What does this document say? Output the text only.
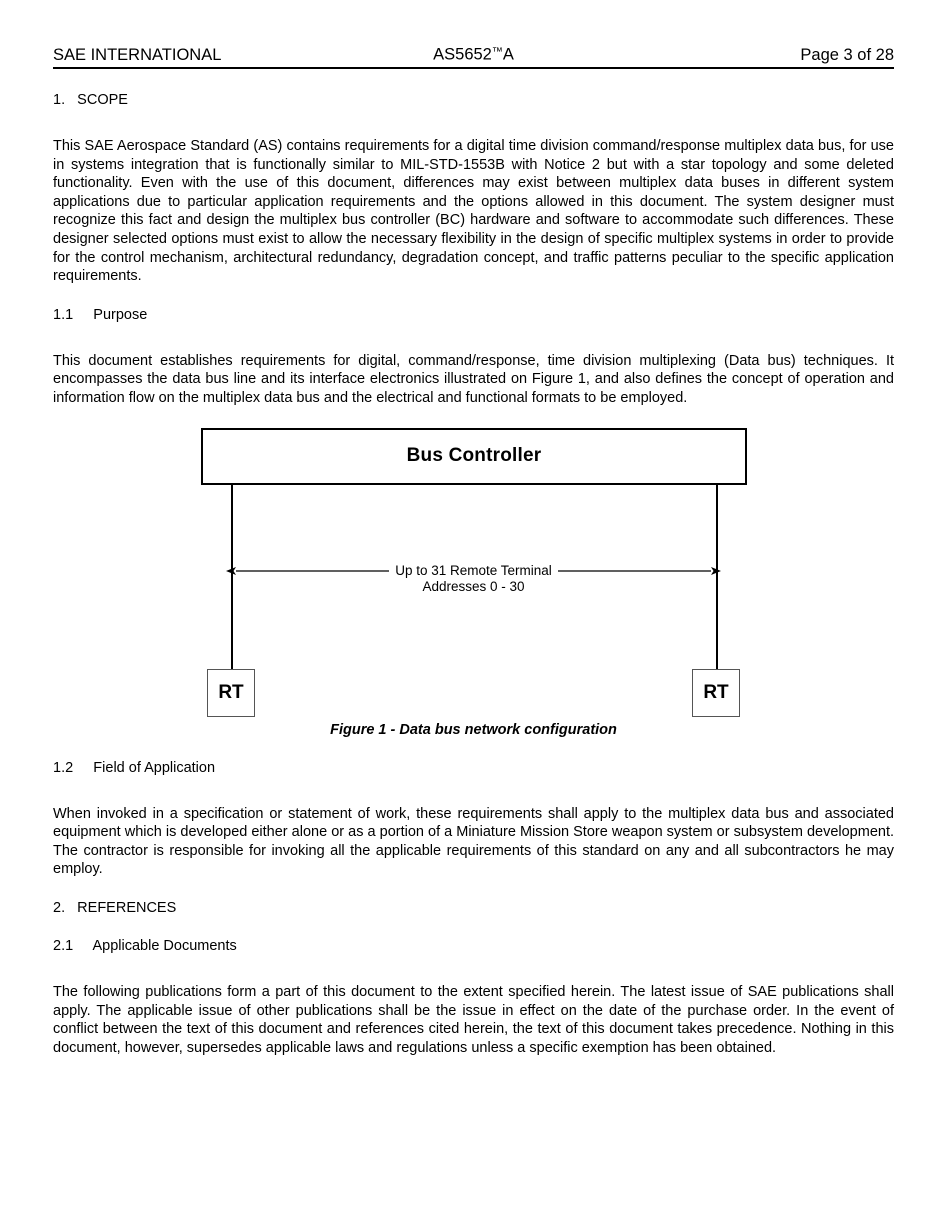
SAE INTERNATIONAL	AS5652™A	Page 3 of 28
1.   SCOPE

This SAE Aerospace Standard (AS) contains requirements for a digital time division command/response multiplex data bus, for use in systems integration that is functionally similar to MIL-STD-1553B with Notice 2 but with a star topology and some deleted functionality. Even with the use of this document, differences may exist between multiplex data buses in different system applications due to particular application requirements and the options allowed in this document. The system designer must recognize this fact and design the multiplex bus controller (BC) hardware and software to accommodate such differences. These designer selected options must exist to allow the necessary flexibility in the design of specific multiplex systems in order to provide for the control mechanism, architectural redundancy, degradation concept, and traffic patterns peculiar to the specific application requirements.

1.1     Purpose

This document establishes requirements for digital, command/response, time division multiplexing (Data bus) techniques. It encompasses the data bus line and its interface electronics illustrated on Figure 1, and also defines the concept of operation and information flow on the multiplex data bus and the electrical and functional formats to be employed.

Bus Controller
Up to 31 Remote Terminal
Addresses 0 - 30
RT	RT
Figure 1 - Data bus network configuration
1.2     Field of Application

When invoked in a specification or statement of work, these requirements shall apply to the multiplex data bus and associated equipment which is developed either alone or as a portion of a Miniature Mission Store weapon system or subsystem development. The contractor is responsible for invoking all the applicable requirements of this standard on any and all subcontractors he may employ.

2.   REFERENCES
2.1     Applicable Documents

The following publications form a part of this document to the extent specified herein. The latest issue of SAE publications shall apply. The applicable issue of other publications shall be the issue in effect on the date of the purchase order. In the event of conflict between the text of this document and references cited herein, the text of this document takes precedence. Nothing in this document, however, supersedes applicable laws and regulations unless a specific exemption has been obtained.
